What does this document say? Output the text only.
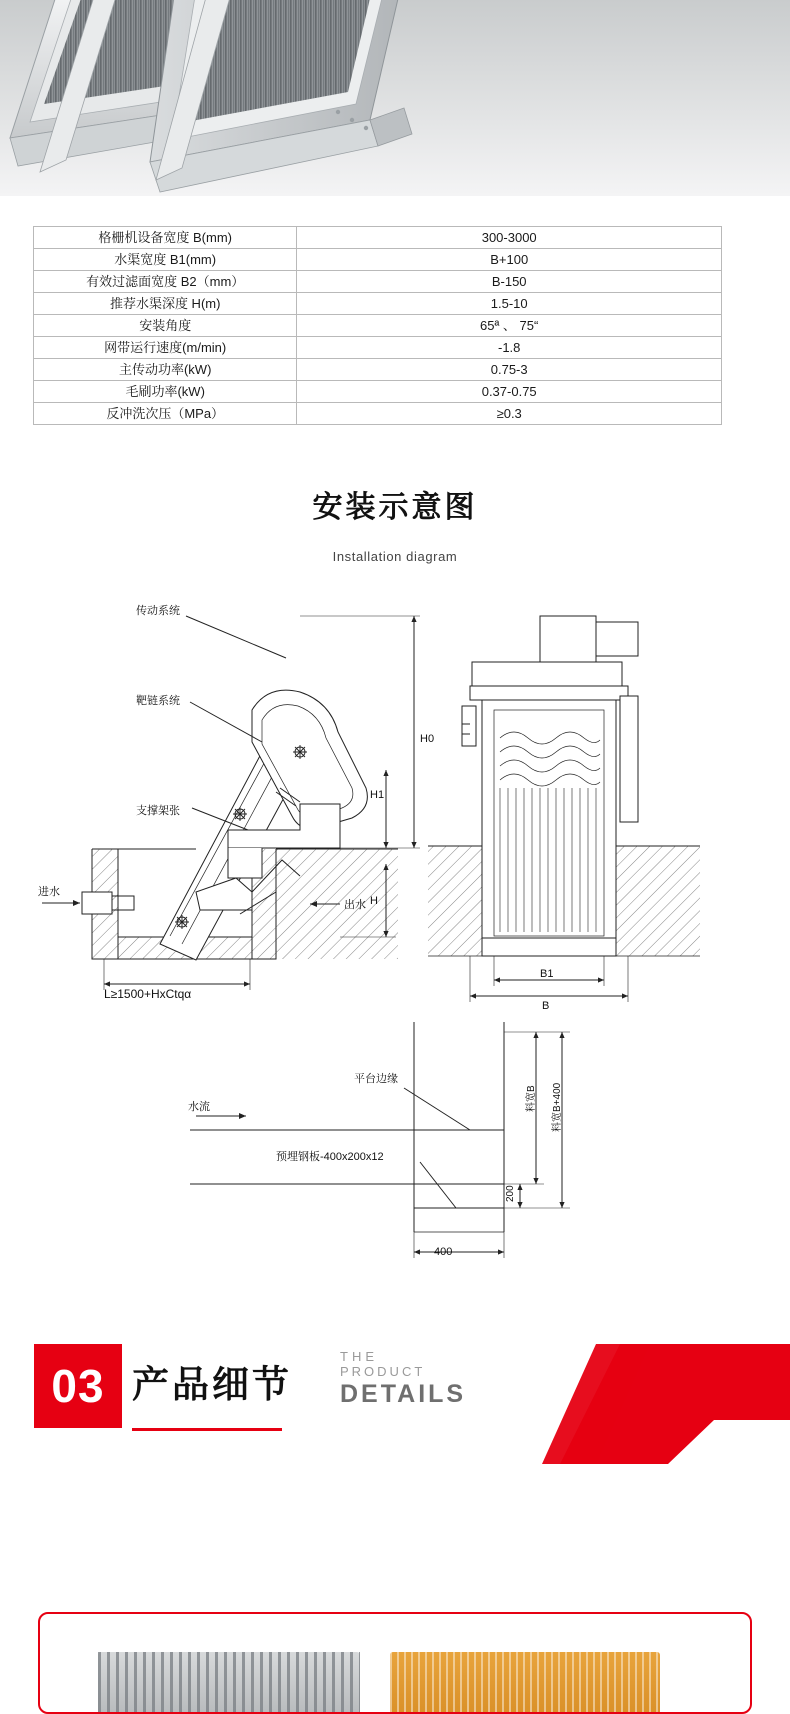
格栅机设备宽度 B(mm)	300-3000
水渠宽度 B1(mm)	B+100
有效过滤面宽度 B2（mm）	B-150
推荐水渠深度 H(m)	1.5-10
安装角度	65ª 、 75“
网带运行速度(m/min)	-1.8
主传动功率(kW)	0.75-3
毛刷功率(kW)	0.37-0.75
反冲洗次压（MPa）	≥0.3
安装示意图
Installation diagram
传动系统
靶链系统
支撑架张
进水
出水
L≥1500+HxCtqα
H0
H1
H
B1
B
平台边缘
预埋钢板-400x200x12
水流
400
200
料宽B 料宽B+400
03 产品细节
THE
PRODUCT
DETAILS
